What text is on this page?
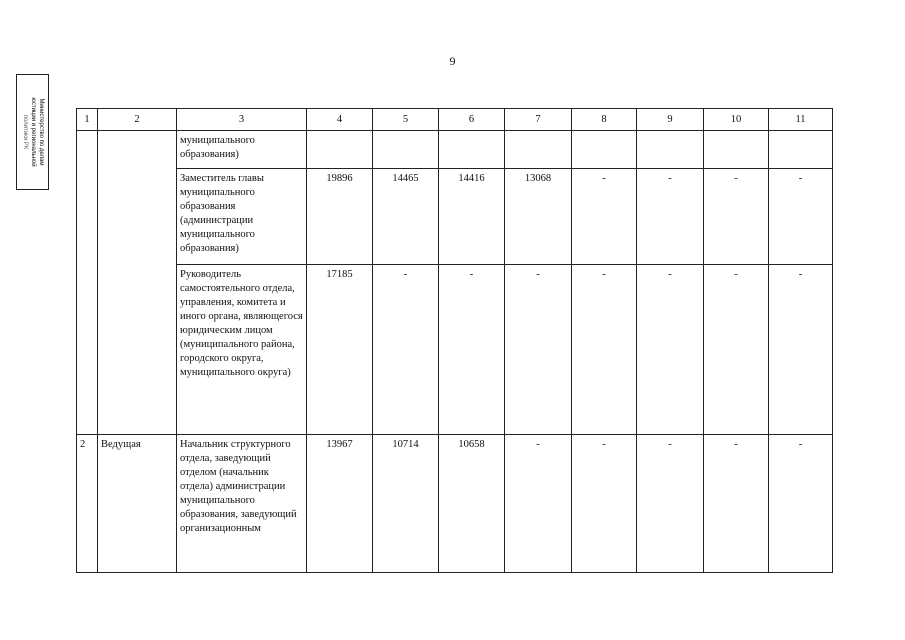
9
Министерство по делам
юстиции и региональной
политики РК	1	2	3	4	5	6	7	8	9	10	11
		муниципального образования)								
		Заместитель главы муниципального образования (администрации муниципального образования)	19896	14465	14416	13068	-	-	-	-
		Руководитель самостоятельного отдела, управления, комитета и иного органа, являющегося юридическим лицом (муниципального района, городского округа, муниципального округа)	17185	-	-	-	-	-	-	-
2	Ведущая	Начальник структурного отдела, заведующий отделом (начальник отдела) администрации муниципального образования, заведующий организационным	13967	10714	10658	-	-	-	-	-
